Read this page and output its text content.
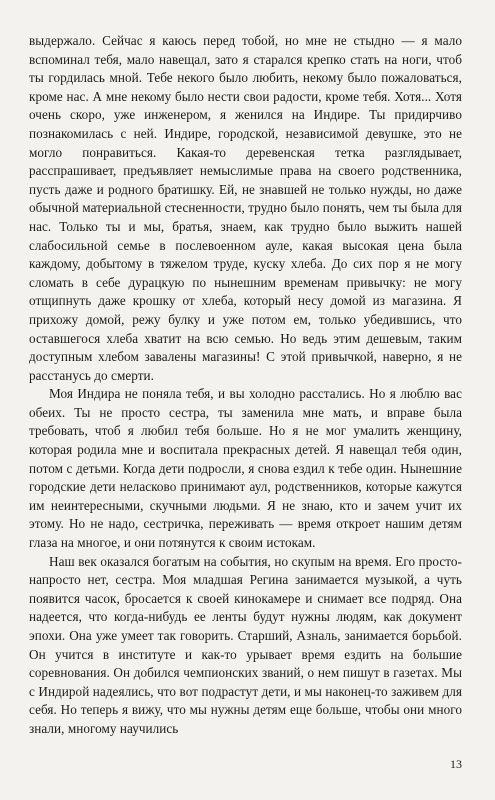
выдержало. Сейчас я каюсь перед тобой, но мне не стыдно — я мало вспоминал тебя, мало навещал, зато я старался крепко стать на ноги, чтоб ты гордилась мной. Тебе некого было любить, некому было пожаловаться, кроме нас. А мне некому было нести свои радости, кроме тебя. Хотя... Хотя очень скоро, уже инженером, я женился на Индире. Ты придирчиво познакомилась с ней. Индире, городской, независимой девушке, это не могло понравиться. Какая-то деревенская тетка разглядывает, расспрашивает, предъявляет немыслимые права на своего родственника, пусть даже и родного братишку. Ей, не знавшей не только нужды, но даже обычной материальной стесненности, трудно было понять, чем ты была для нас. Только ты и мы, братья, знаем, как трудно было выжить нашей слабосильной семье в послевоенном ауле, какая высокая цена была каждому, добытому в тяжелом труде, куску хлеба. До сих пор я не могу сломать в себе дурацкую по нынешним временам привычку: не могу отщипнуть даже крошку от хлеба, который несу домой из магазина. Я прихожу домой, режу булку и уже потом ем, только убедившись, что оставшегося хлеба хватит на всю семью. Но ведь этим дешевым, таким доступным хлебом завалены магазины! С этой привычкой, наверно, я не расстанусь до смерти.

Моя Индира не поняла тебя, и вы холодно расстались. Но я люблю вас обеих. Ты не просто сестра, ты заменила мне мать, и вправе была требовать, чтоб я любил тебя больше. Но я не мог умалить женщину, которая родила мне и воспитала прекрасных детей. Я навещал тебя один, потом с детьми. Когда дети подросли, я снова ездил к тебе один. Нынешние городские дети неласково принимают аул, родственников, которые кажутся им неинтересными, скучными людьми. Я не знаю, кто и зачем учит их этому. Но не надо, сестричка, переживать — время откроет нашим детям глаза на многое, и они потянутся к своим истокам.

Наш век оказался богатым на события, но скупым на время. Его просто-напросто нет, сестра. Моя младшая Регина занимается музыкой, а чуть появится часок, бросается к своей кинокамере и снимает все подряд. Она надеется, что когда-нибудь ее ленты будут нужны людям, как документ эпохи. Она уже умеет так говорить. Старший, Азналь, занимается борьбой. Он учится в институте и как-то урывает время ездить на большие соревнования. Он добился чемпионских званий, о нем пишут в газетах. Мы с Индирой надеялись, что вот подрастут дети, и мы наконец-то заживем для себя. Но теперь я вижу, что мы нужны детям еще больше, чтобы они много знали, многому научились

13
